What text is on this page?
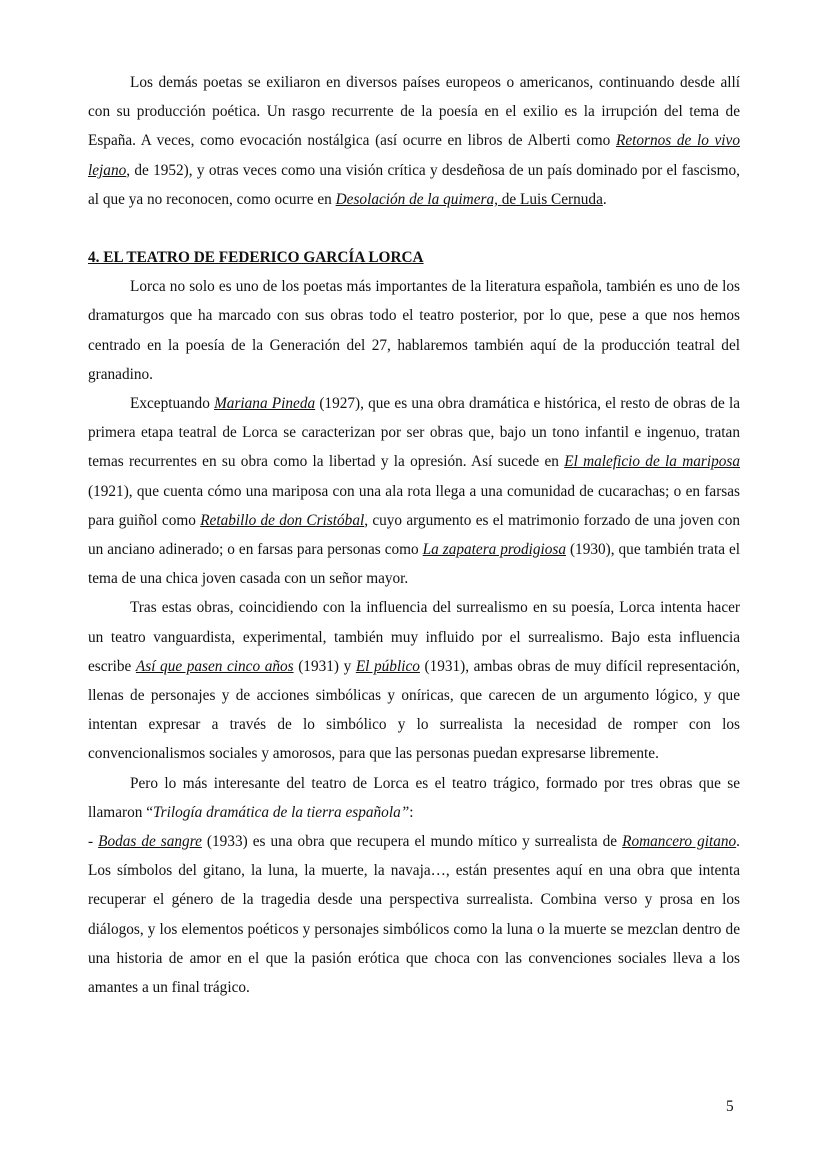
Los demás poetas se exiliaron en diversos países europeos o americanos, continuando desde allí con su producción poética. Un rasgo recurrente de la poesía en el exilio es la irrupción del tema de España. A veces, como evocación nostálgica (así ocurre en libros de Alberti como Retornos de lo vivo lejano, de 1952), y otras veces como una visión crítica y desdeñosa de un país dominado por el fascismo, al que ya no reconocen, como ocurre en Desolación de la quimera, de Luis Cernuda.

4. EL TEATRO DE FEDERICO GARCÍA LORCA

Lorca no solo es uno de los poetas más importantes de la literatura española, también es uno de los dramaturgos que ha marcado con sus obras todo el teatro posterior, por lo que, pese a que nos hemos centrado en la poesía de la Generación del 27, hablaremos también aquí de la producción teatral del granadino.

Exceptuando Mariana Pineda (1927), que es una obra dramática e histórica, el resto de obras de la primera etapa teatral de Lorca se caracterizan por ser obras que, bajo un tono infantil e ingenuo, tratan temas recurrentes en su obra como la libertad y la opresión. Así sucede en El maleficio de la mariposa (1921), que cuenta cómo una mariposa con una ala rota llega a una comunidad de cucarachas; o en farsas para guiñol como Retabillo de don Cristóbal, cuyo argumento es el matrimonio forzado de una joven con un anciano adinerado; o en farsas para personas como La zapatera prodigiosa (1930), que también trata el tema de una chica joven casada con un señor mayor.

Tras estas obras, coincidiendo con la influencia del surrealismo en su poesía, Lorca intenta hacer un teatro vanguardista, experimental, también muy influido por el surrealismo. Bajo esta influencia escribe Así que pasen cinco años (1931) y El público (1931), ambas obras de muy difícil representación, llenas de personajes y de acciones simbólicas y oníricas, que carecen de un argumento lógico, y que intentan expresar a través de lo simbólico y lo surrealista la necesidad de romper con los convencionalismos sociales y amorosos, para que las personas puedan expresarse libremente.

Pero lo más interesante del teatro de Lorca es el teatro trágico, formado por tres obras que se llamaron “Trilogía dramática de la tierra española”:

- Bodas de sangre (1933) es una obra que recupera el mundo mítico y surrealista de Romancero gitano. Los símbolos del gitano, la luna, la muerte, la navaja…, están presentes aquí en una obra que intenta recuperar el género de la tragedia desde una perspectiva surrealista. Combina verso y prosa en los diálogos, y los elementos poéticos y personajes simbólicos como la luna o la muerte se mezclan dentro de una historia de amor en el que la pasión erótica que choca con las convenciones sociales lleva a los amantes a un final trágico.

5
